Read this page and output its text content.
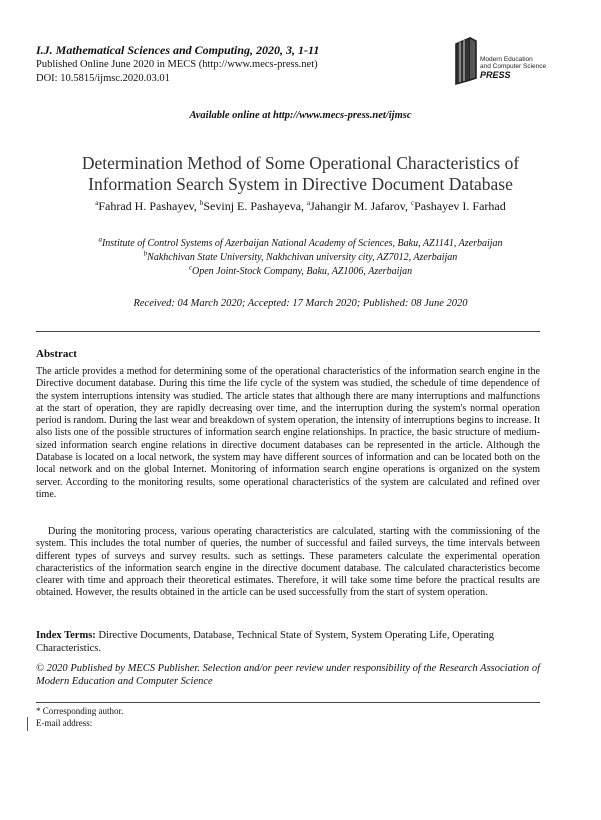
I.J. Mathematical Sciences and Computing, 2020, 3, 1-11
Published Online June 2020 in MECS (http://www.mecs-press.net)
DOI: 10.5815/ijmsc.2020.03.01
Modern Education
and Computer Science
PRESS
Available online at http://www.mecs-press.net/ijmsc
Determination Method of Some Operational Characteristics of
Information Search System in Directive Document Database
$^a$Fahrad H. Pashayev, $^b$Sevinj E. Pashayeva, $^a$Jahangir M. Jafarov, $^c$Pashayev I. Farhad
$^a$Institute of Control Systems of Azerbaijan National Academy of Sciences, Baku, AZ1141, Azerbaijan
$^b$Nakhchivan State University, Nakhchivan university city, AZ7012, Azerbaijan
$^c$Open Joint-Stock Company, Baku, AZ1006, Azerbaijan
Received: 04 March 2020; Accepted: 17 March 2020; Published: 08 June 2020
Abstract

The article provides a method for determining some of the operational characteristics of the information search engine in the Directive document database. During this time the life cycle of the system was studied, the schedule of time dependence of the system interruptions intensity was studied. The article states that although there are many interruptions and malfunctions at the start of operation, they are rapidly decreasing over time, and the interruption during the system's normal operation period is random. During the last wear and breakdown of system operation, the intensity of interruptions begins to increase. It also lists one of the possible structures of information search engine relationships. In practice, the basic structure of medium-sized information search engine relations in directive document databases can be represented in the article. Although the Database is located on a local network, the system may have different sources of information and can be located both on the local network and on the global Internet. Monitoring of information search engine operations is organized on the system server. According to the monitoring results, some operational characteristics of the system are calculated and refined over time.

During the monitoring process, various operating characteristics are calculated, starting with the commissioning of the system. This includes the total number of queries, the number of successful and failed surveys, the time intervals between different types of surveys and survey results. such as settings. These parameters calculate the experimental operation characteristics of the information search engine in the directive document database. The calculated characteristics become clearer with time and approach their theoretical estimates. Therefore, it will take some time before the practical results are obtained. However, the results obtained in the article can be used successfully from the start of system operation.

Index Terms: Directive Documents, Database, Technical State of System, System Operating Life, Operating Characteristics.
© 2020 Published by MECS Publisher. Selection and/or peer review under responsibility of the Research Association of Modern Education and Computer Science
* Corresponding author.
E-mail address:
